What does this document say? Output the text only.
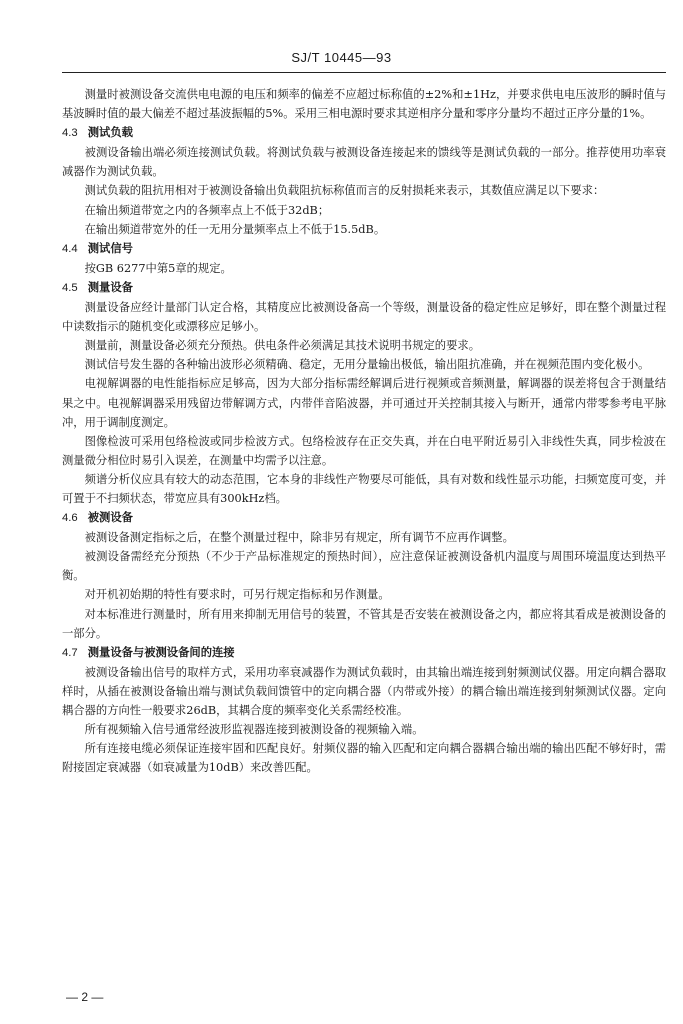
SJ/T 10445—93

测量时被测设备交流供电电源的电压和频率的偏差不应超过标称值的±2%和±1Hz，并要求供电电压波形的瞬时值与基波瞬时值的最大偏差不超过基波振幅的5%。采用三相电源时要求其逆相序分量和零序分量均不超过正序分量的1%。

4.3 测试负载

被测设备输出端必须连接测试负载。将测试负载与被测设备连接起来的馈线等是测试负载的一部分。推荐使用功率衰减器作为测试负载。

测试负载的阻抗用相对于被测设备输出负载阻抗标称值而言的反射损耗来表示，其数值应满足以下要求：

在输出频道带宽之内的各频率点上不低于32dB；

在输出频道带宽外的任一无用分量频率点上不低于15.5dB。

4.4 测试信号

按GB 6277中第5章的规定。

4.5 测量设备

测量设备应经计量部门认定合格，其精度应比被测设备高一个等级，测量设备的稳定性应足够好，即在整个测量过程中读数指示的随机变化或漂移应足够小。

测量前，测量设备必须充分预热。供电条件必须满足其技术说明书规定的要求。

测试信号发生器的各种输出波形必须精确、稳定，无用分量输出极低，输出阻抗准确，并在视频范围内变化极小。

电视解调器的电性能指标应足够高，因为大部分指标需经解调后进行视频或音频测量，解调器的误差将包含于测量结果之中。电视解调器采用残留边带解调方式，内带伴音陷波器，并可通过开关控制其接入与断开，通常内带零参考电平脉冲，用于调制度测定。

图像检波可采用包络检波或同步检波方式。包络检波存在正交失真，并在白电平附近易引入非线性失真，同步检波在测量微分相位时易引入误差，在测量中均需予以注意。

频谱分析仪应具有较大的动态范围，它本身的非线性产物要尽可能低，具有对数和线性显示功能，扫频宽度可变，并可置于不扫频状态，带宽应具有300kHz档。

4.6 被测设备

被测设备测定指标之后，在整个测量过程中，除非另有规定，所有调节不应再作调整。

被测设备需经充分预热（不少于产品标准规定的预热时间），应注意保证被测设备机内温度与周围环境温度达到热平衡。

对开机初始期的特性有要求时，可另行规定指标和另作测量。

对本标准进行测量时，所有用来抑制无用信号的装置，不管其是否安装在被测设备之内，都应将其看成是被测设备的一部分。

4.7 测量设备与被测设备间的连接

被测设备输出信号的取样方式，采用功率衰减器作为测试负载时，由其输出端连接到射频测试仪器。用定向耦合器取样时，从插在被测设备输出端与测试负载间馈管中的定向耦合器（内带或外接）的耦合输出端连接到射频测试仪器。定向耦合器的方向性一般要求26dB，其耦合度的频率变化关系需经校准。

所有视频输入信号通常经波形监视器连接到被测设备的视频输入端。

所有连接电缆必须保证连接牢固和匹配良好。射频仪器的输入匹配和定向耦合器耦合输出端的输出匹配不够好时，需附接固定衰减器（如衰减量为10dB）来改善匹配。

— 2 —
